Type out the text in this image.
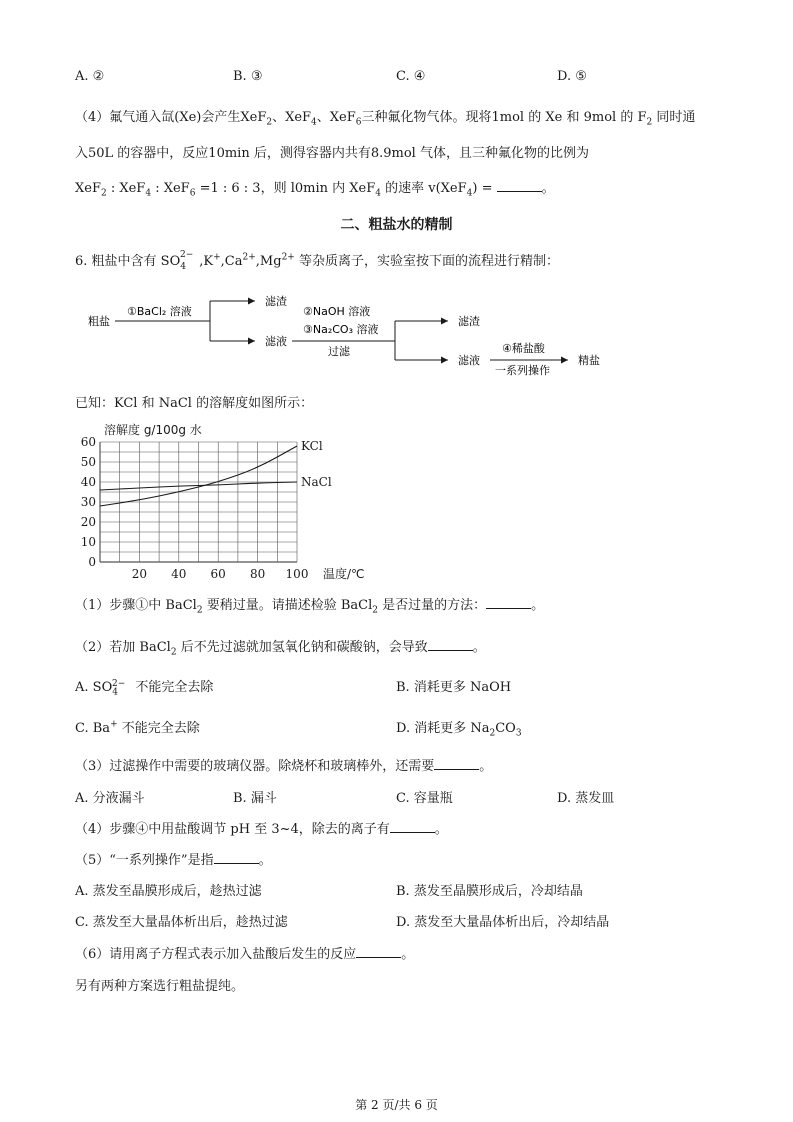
A. ②	B. ③	C. ④	D. ⑤
（4）氟气通入氙(Xe)会产生XeF$_2$、XeF$_4$、XeF$_6$三种氟化物气体。现将1mol 的 Xe 和 9mol 的 $F_2$ 同时通
入50L 的容器中，反应10min 后，测得容器内共有8.9mol 气体，且三种氟化物的比例为
XeF$_2$ : XeF$_4$ : XeF$_6$ =1 : 6 : 3，则 l0min 内 XeF$_4$ 的速率 v(XeF$_4$) =	。
二、粗盐水的精制
6. 粗盐中含有 $SO_4^{2-}$ $,K^+,Ca^{2+},Mg^{2+}$ 等杂质离子，实验室按下面的流程进行精制：
粗盐
①BaCl₂ 溶液
滤渣
滤液
②NaOH 溶液
③Na₂CO₃ 溶液
过滤
滤渣
滤液
④稀盐酸
一系列操作
精盐
已知：KCl 和 NaCl 的溶解度如图所示：
60
50
40
30
20
10
0
20 40 60 80 100
溶解度 g/100g 水
温度/℃
KCl
NaCl
（1）步骤①中 BaCl$_2$ 要稍过量。请描述检验 BaCl$_2$ 是否过量的方法：	。
（2）若加 BaCl$_2$ 后不先过滤就加氢氧化钠和碳酸钠，会导致	。
A. $SO_4^{2-}$ 不能完全去除	B. 消耗更多 NaOH
C. Ba+ 不能完全去除	D. 消耗更多 $Na_2CO_3$
（3）过滤操作中需要的玻璃仪器。除烧杯和玻璃棒外，还需要	。
A. 分液漏斗	B. 漏斗	C. 容量瓶	D. 蒸发皿
（4）步骤④中用盐酸调节 pH 至 3~4，除去的离子有	。
（5）“一系列操作”是指	。
A. 蒸发至晶膜形成后，趁热过滤	B. 蒸发至晶膜形成后，冷却结晶
C. 蒸发至大量晶体析出后，趁热过滤	D. 蒸发至大量晶体析出后，冷却结晶
（6）请用离子方程式表示加入盐酸后发生的反应	。
另有两种方案选行粗盐提纯。
第 2 页/共 6 页
